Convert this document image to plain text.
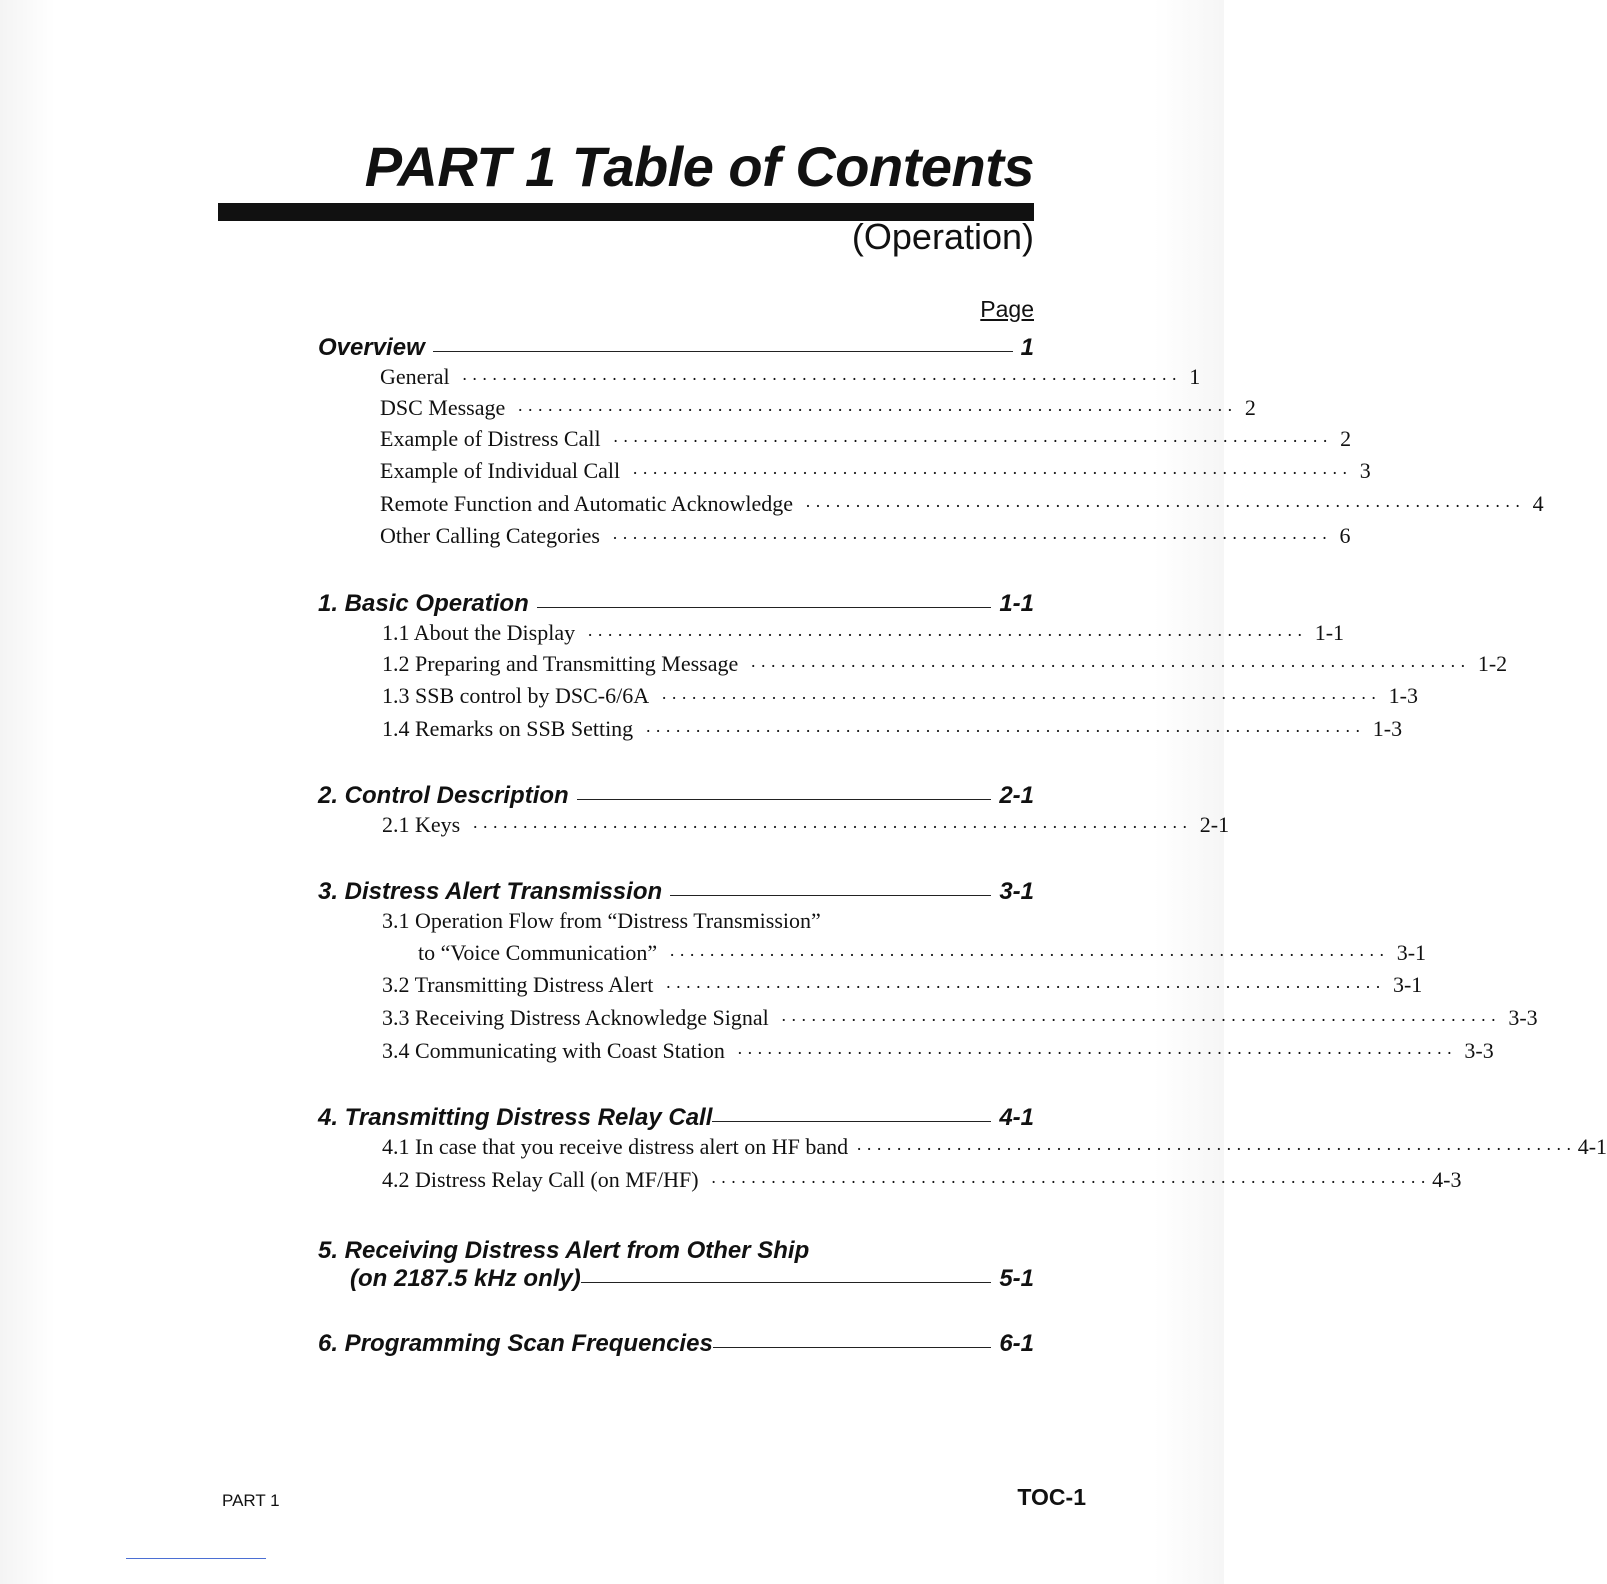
PART 1 Table of Contents
(Operation)
Page
Overview	1
General ········································································ 1
DSC Message ········································································ 2
Example of Distress Call ········································································ 2
Example of Individual Call ········································································ 3
Remote Function and Automatic Acknowledge ········································································ 4
Other Calling Categories ········································································ 6
1. Basic Operation	1-1
1.1 About the Display ········································································ 1-1
1.2 Preparing and Transmitting Message ········································································ 1-2
1.3 SSB control by DSC-6/6A ········································································ 1-3
1.4 Remarks on SSB Setting ········································································ 1-3
2. Control Description	2-1
2.1 Keys ········································································ 2-1
3. Distress Alert Transmission	3-1
3.1 Operation Flow from “Distress Transmission”
to “Voice Communication” ········································································ 3-1
3.2 Transmitting Distress Alert ········································································ 3-1
3.3 Receiving Distress Acknowledge Signal ········································································ 3-3
3.4 Communicating with Coast Station ········································································ 3-3
4. Transmitting Distress Relay Call	4-1
4.1 In case that you receive distress alert on HF band ········································································ 4-1
4.2 Distress Relay Call (on MF/HF) ········································································ 4-3
5. Receiving Distress Alert from Other Ship
(on 2187.5 kHz only)	5-1
6. Programming Scan Frequencies	6-1
PART 1	TOC-1
